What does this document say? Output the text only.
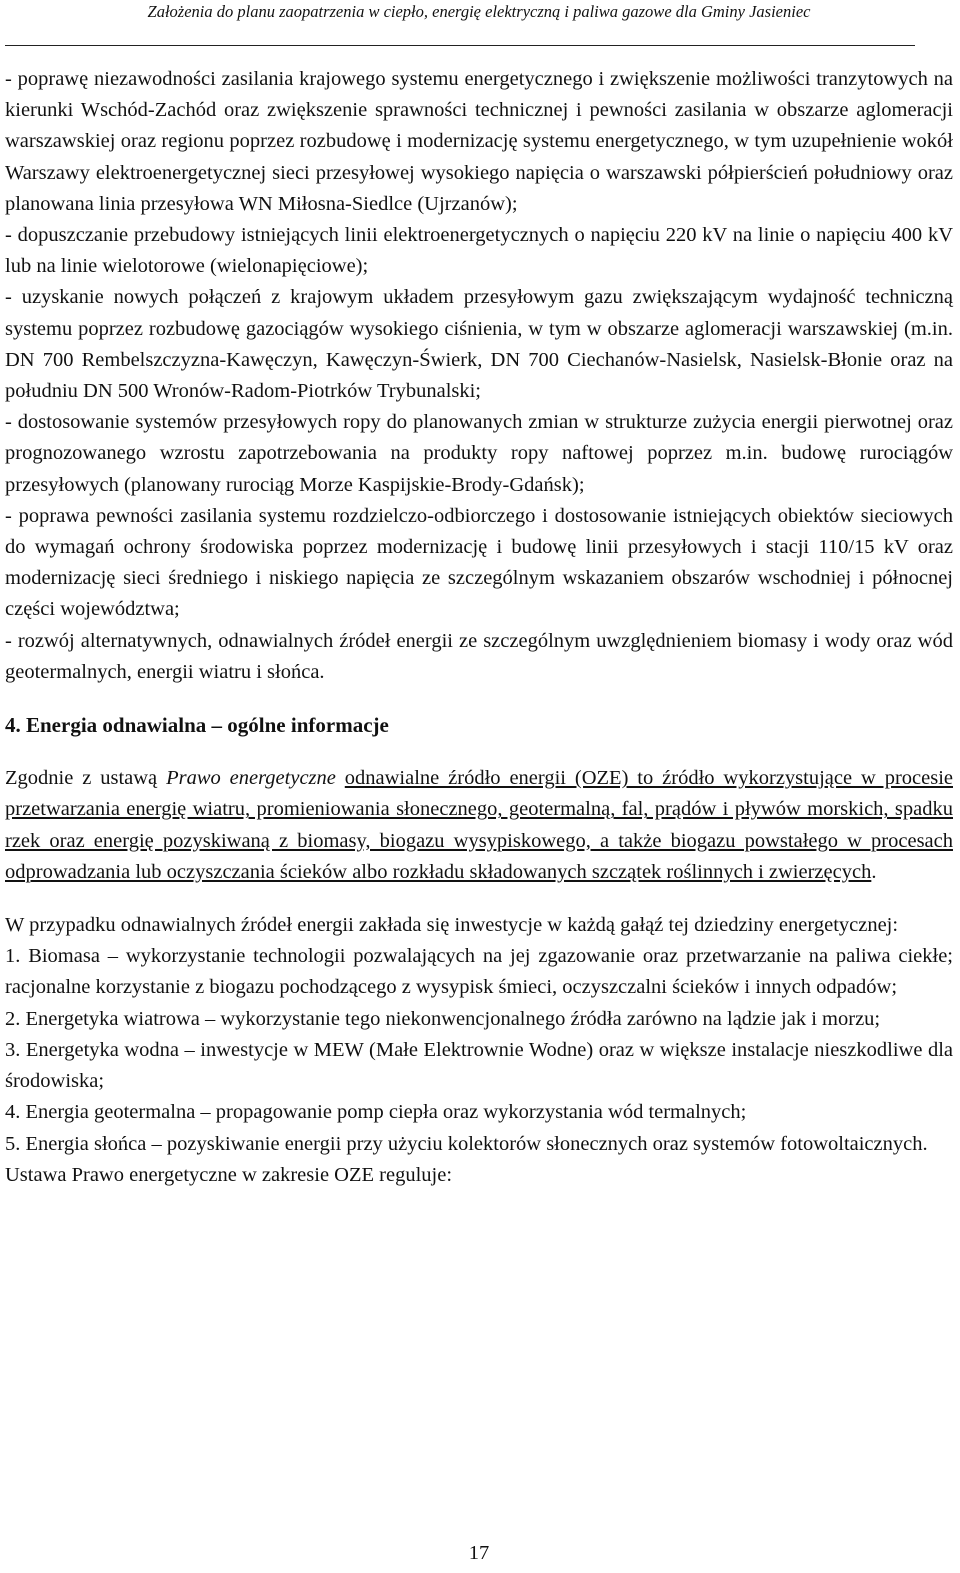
Założenia do planu zaopatrzenia w ciepło, energię elektryczną i paliwa gazowe dla Gminy Jasieniec

- poprawę niezawodności zasilania krajowego systemu energetycznego i zwiększenie możliwości tranzytowych na kierunki Wschód-Zachód oraz zwiększenie sprawności technicznej i pewności zasilania w obszarze aglomeracji warszawskiej oraz regionu poprzez rozbudowę i modernizację systemu energetycznego, w tym uzupełnienie wokół Warszawy elektroenergetycznej sieci przesyłowej wysokiego napięcia o warszawski półpierścień południowy oraz planowana linia przesyłowa WN Miłosna-Siedlce (Ujrzanów);

- dopuszczanie przebudowy istniejących linii elektroenergetycznych o napięciu 220 kV na linie o napięciu 400 kV lub na linie wielotorowe (wielonapięciowe);

- uzyskanie nowych połączeń z krajowym układem przesyłowym gazu zwiększającym wydajność techniczną systemu poprzez rozbudowę gazociągów wysokiego ciśnienia, w tym w obszarze aglomeracji warszawskiej (m.in. DN 700 Rembelszczyzna-Kawęczyn, Kawęczyn-Świerk, DN 700 Ciechanów-Nasielsk, Nasielsk-Błonie oraz na południu DN 500 Wronów-Radom-Piotrków Trybunalski;

- dostosowanie systemów przesyłowych ropy do planowanych zmian w strukturze zużycia energii pierwotnej oraz prognozowanego wzrostu zapotrzebowania na produkty ropy naftowej poprzez m.in. budowę rurociągów przesyłowych (planowany rurociąg Morze Kaspijskie-Brody-Gdańsk);

- poprawa pewności zasilania systemu rozdzielczo-odbiorczego i dostosowanie istniejących obiektów sieciowych do wymagań ochrony środowiska poprzez modernizację i budowę linii przesyłowych i stacji 110/15 kV oraz modernizację sieci średniego i niskiego napięcia ze szczególnym wskazaniem obszarów wschodniej i północnej części województwa;

- rozwój alternatywnych, odnawialnych źródeł energii ze szczególnym uwzględnieniem biomasy i wody oraz wód geotermalnych, energii wiatru i słońca.

4. Energia odnawialna – ogólne informacje

Zgodnie z ustawą Prawo energetyczne odnawialne źródło energii (OZE) to źródło wykorzystujące w procesie przetwarzania energię wiatru, promieniowania słonecznego, geotermalną, fal, prądów i pływów morskich, spadku rzek oraz energię pozyskiwaną z biomasy, biogazu wysypiskowego, a także biogazu powstałego w procesach odprowadzania lub oczyszczania ścieków albo rozkładu składowanych szczątek roślinnych i zwierzęcych.

W przypadku odnawialnych źródeł energii zakłada się inwestycje w każdą gałąź tej dziedziny energetycznej:

1. Biomasa – wykorzystanie technologii pozwalających na jej zgazowanie oraz przetwarzanie na paliwa ciekłe; racjonalne korzystanie z biogazu pochodzącego z wysypisk śmieci, oczyszczalni ścieków i innych odpadów;

2. Energetyka wiatrowa – wykorzystanie tego niekonwencjonalnego źródła zarówno na lądzie jak i morzu;

3. Energetyka wodna – inwestycje w MEW (Małe Elektrownie Wodne) oraz w większe instalacje nieszkodliwe dla środowiska;

4. Energia geotermalna – propagowanie pomp ciepła oraz wykorzystania wód termalnych;

5. Energia słońca – pozyskiwanie energii przy użyciu kolektorów słonecznych oraz systemów fotowoltaicznych.

Ustawa Prawo energetyczne w zakresie OZE reguluje:

17
